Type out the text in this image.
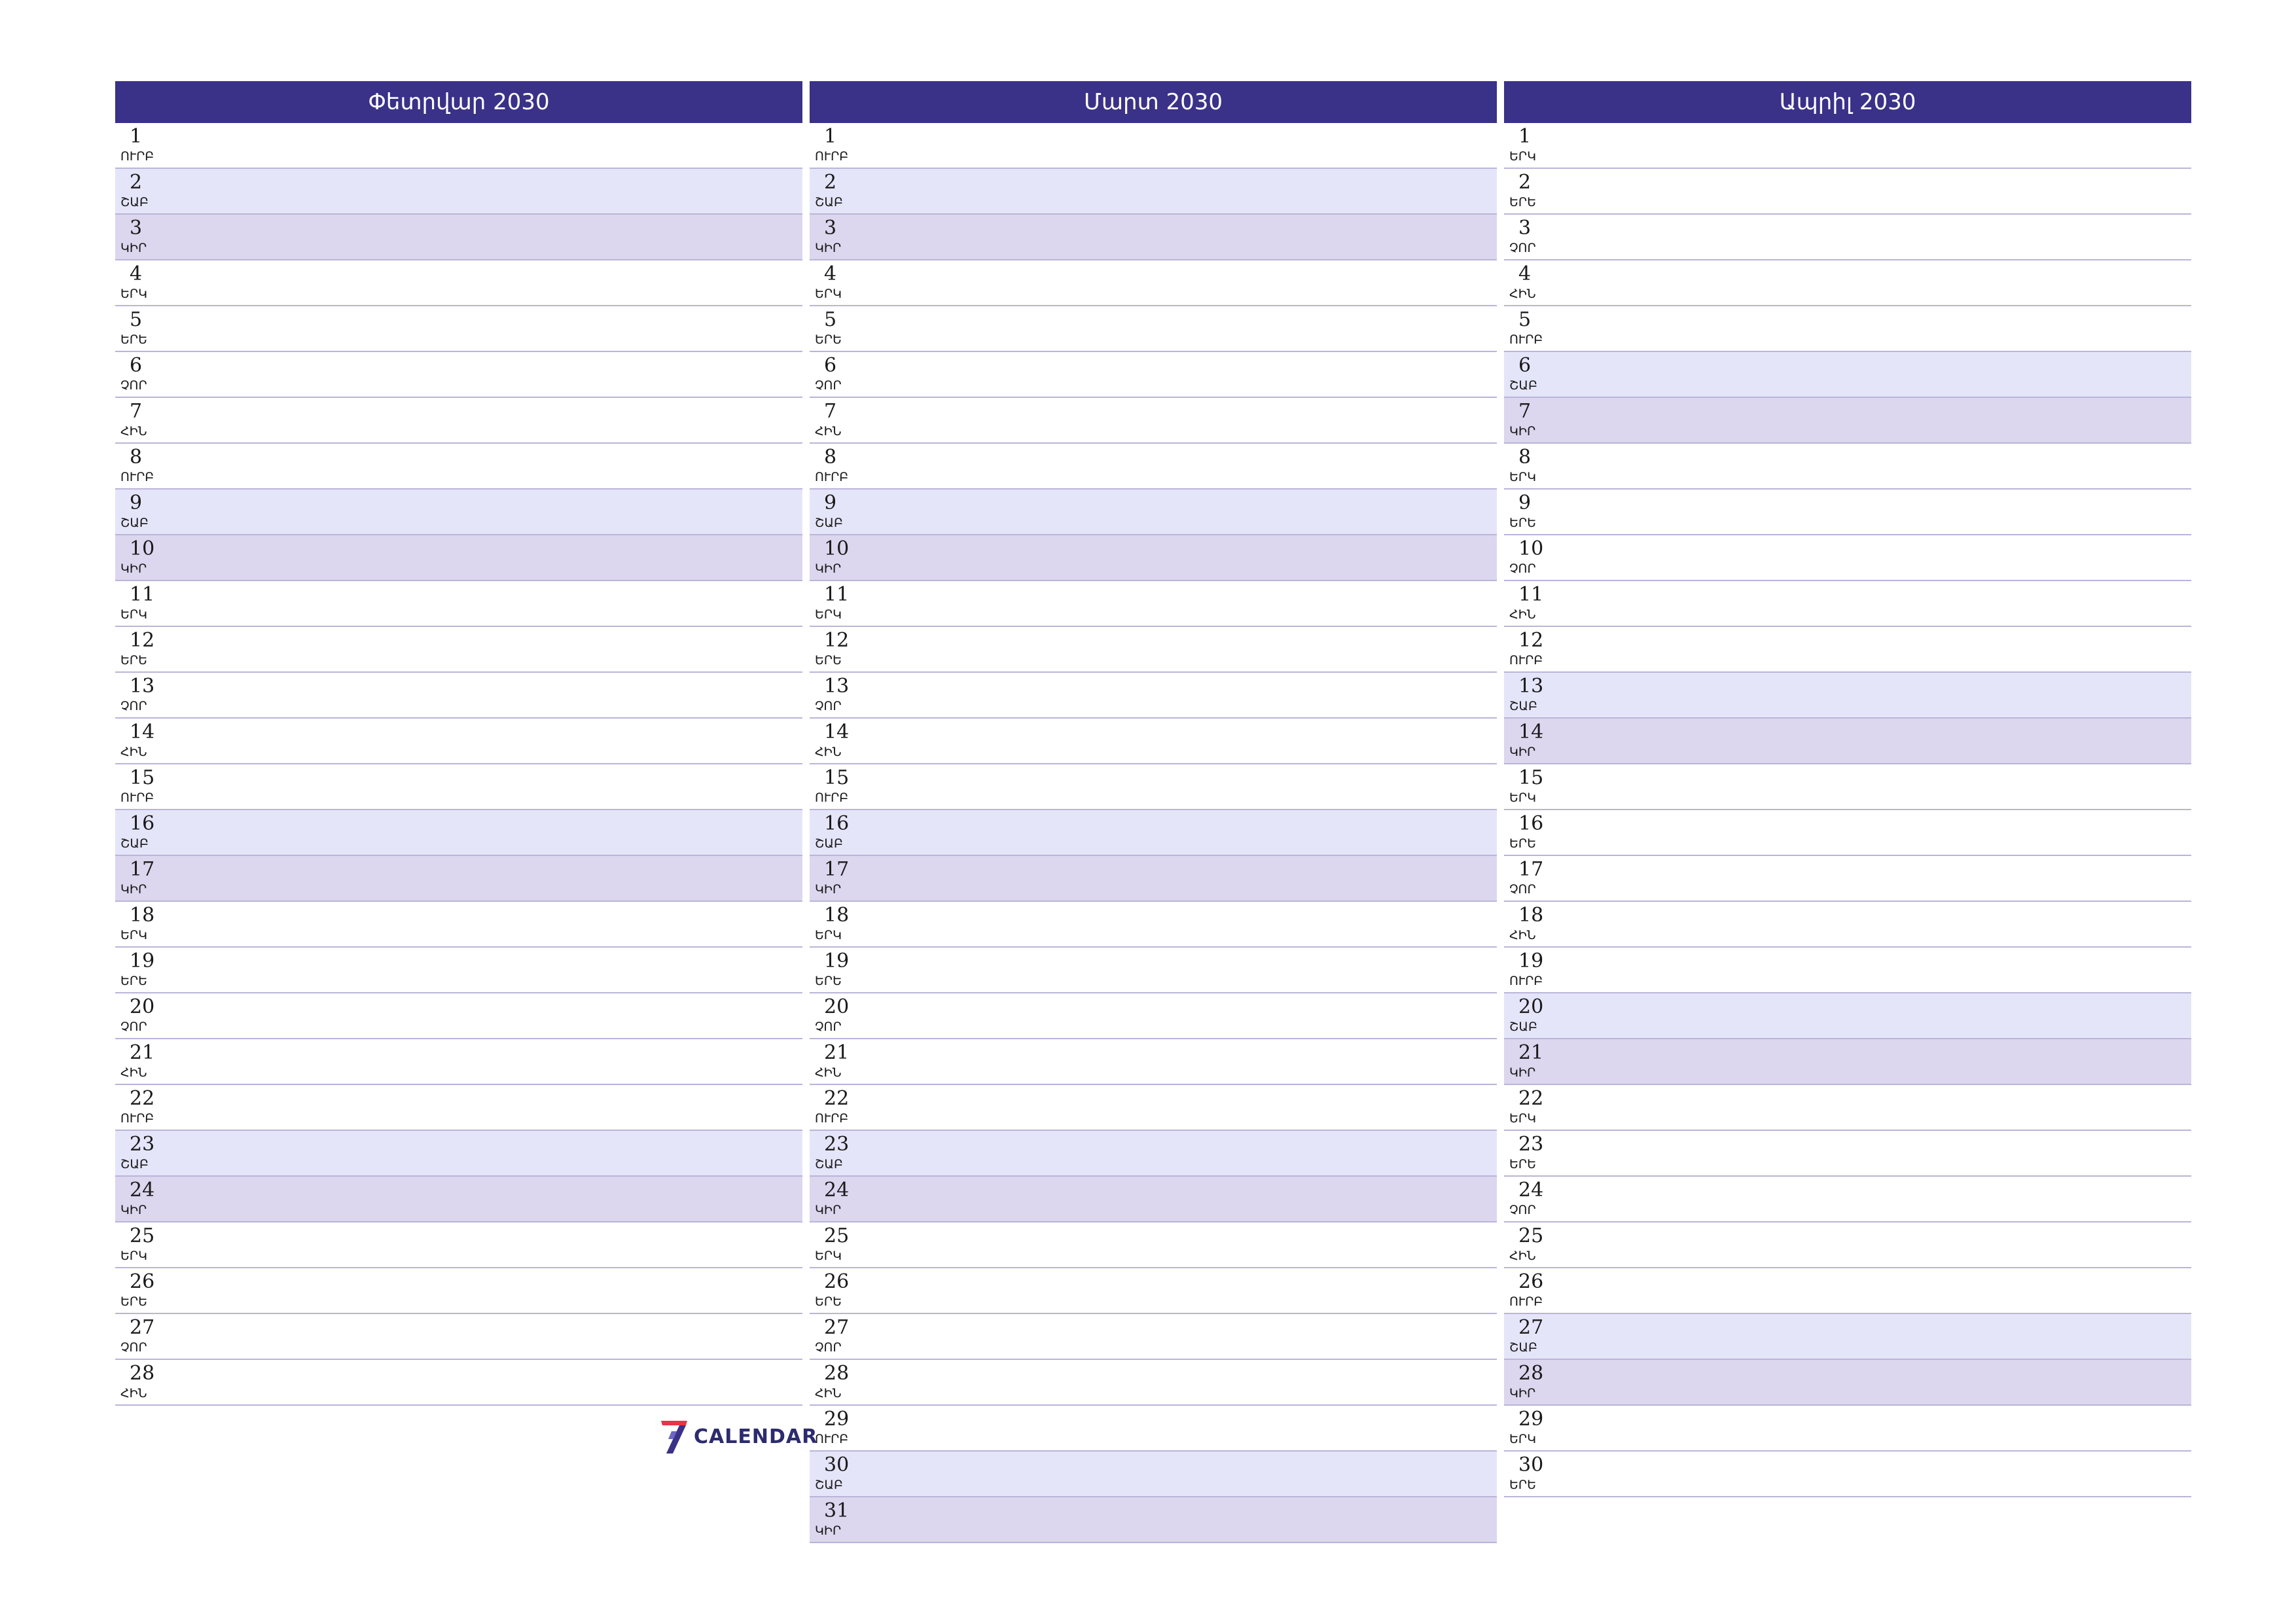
Փետրվար 2030
1
ՈՒՐԲ
2
ՇԱԲ
3
ԿԻՐ
4
ԵՐԿ
5
ԵՐԵ
6
ՉՈՐ
7
ՀԻՆ
8
ՈՒՐԲ
9
ՇԱԲ
10
ԿԻՐ
11
ԵՐԿ
12
ԵՐԵ
13
ՉՈՐ
14
ՀԻՆ
15
ՈՒՐԲ
16
ՇԱԲ
17
ԿԻՐ
18
ԵՐԿ
19
ԵՐԵ
20
ՉՈՐ
21
ՀԻՆ
22
ՈՒՐԲ
23
ՇԱԲ
24
ԿԻՐ
25
ԵՐԿ
26
ԵՐԵ
27
ՉՈՐ
28
ՀԻՆ
Մարտ 2030
1
ՈՒՐԲ
2
ՇԱԲ
3
ԿԻՐ
4
ԵՐԿ
5
ԵՐԵ
6
ՉՈՐ
7
ՀԻՆ
8
ՈՒՐԲ
9
ՇԱԲ
10
ԿԻՐ
11
ԵՐԿ
12
ԵՐԵ
13
ՉՈՐ
14
ՀԻՆ
15
ՈՒՐԲ
16
ՇԱԲ
17
ԿԻՐ
18
ԵՐԿ
19
ԵՐԵ
20
ՉՈՐ
21
ՀԻՆ
22
ՈՒՐԲ
23
ՇԱԲ
24
ԿԻՐ
25
ԵՐԿ
26
ԵՐԵ
27
ՉՈՐ
28
ՀԻՆ
29
ՈՒՐԲ
30
ՇԱԲ
31
ԿԻՐ
Ապրիլ 2030
1
ԵՐԿ
2
ԵՐԵ
3
ՉՈՐ
4
ՀԻՆ
5
ՈՒՐԲ
6
ՇԱԲ
7
ԿԻՐ
8
ԵՐԿ
9
ԵՐԵ
10
ՉՈՐ
11
ՀԻՆ
12
ՈՒՐԲ
13
ՇԱԲ
14
ԿԻՐ
15
ԵՐԿ
16
ԵՐԵ
17
ՉՈՐ
18
ՀԻՆ
19
ՈՒՐԲ
20
ՇԱԲ
21
ԿԻՐ
22
ԵՐԿ
23
ԵՐԵ
24
ՉՈՐ
25
ՀԻՆ
26
ՈՒՐԲ
27
ՇԱԲ
28
ԿԻՐ
29
ԵՐԿ
30
ԵՐԵ
CALENDAR
